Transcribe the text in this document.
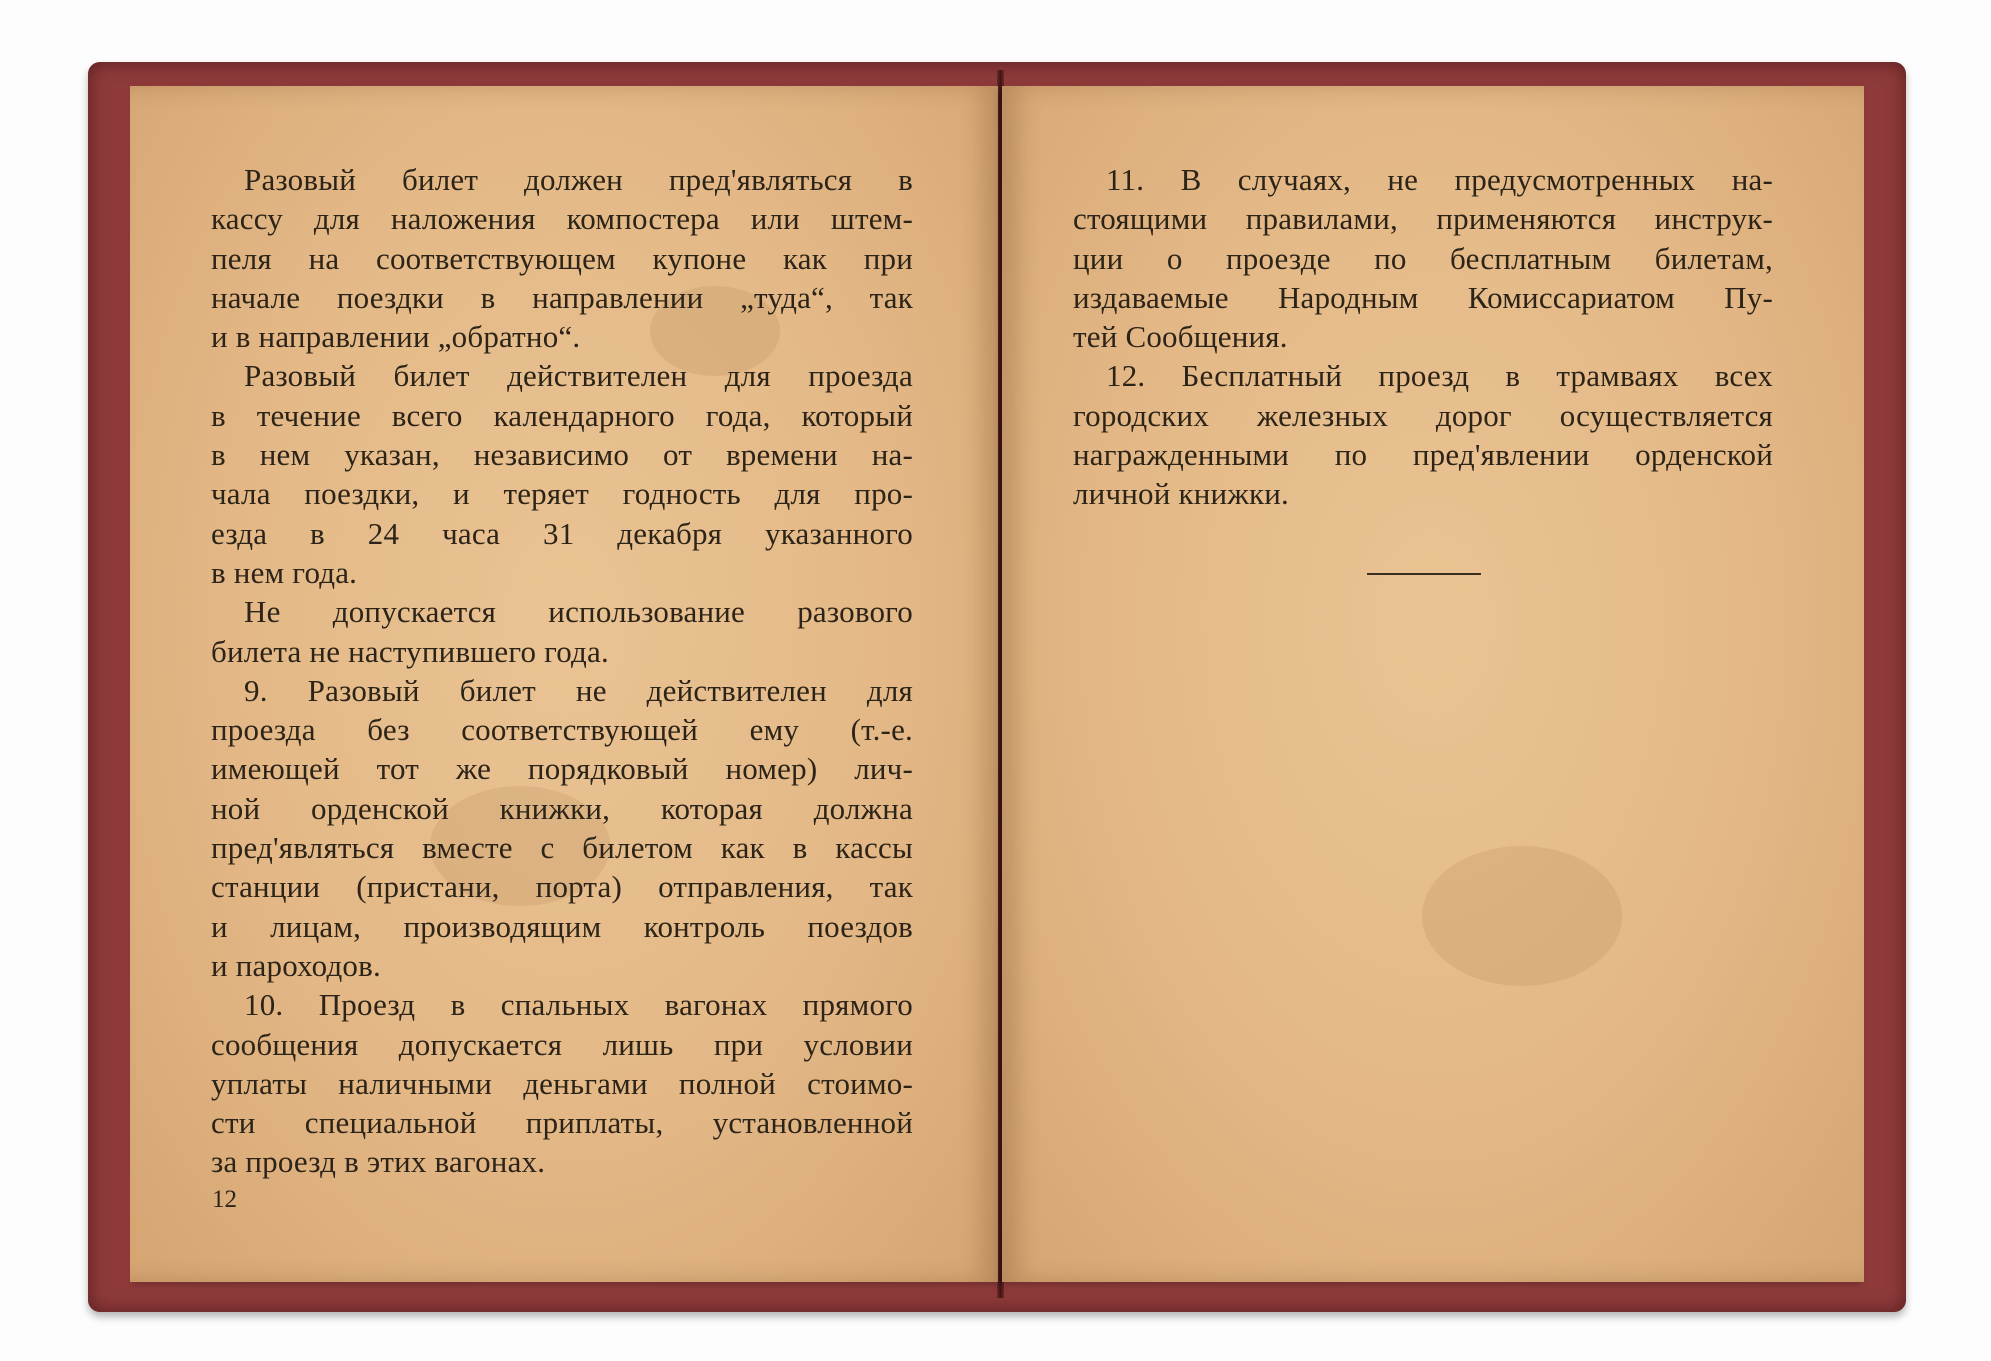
Разовый билет должен пред'являться в
кассу для наложения компостера или штем-
пеля на соответствующем купоне как при
начале поездки в направлении „туда“, так
и в направлении „обратно“.
Разовый билет действителен для проезда
в течение всего календарного года, который
в нем указан, независимо от времени на-
чала поездки, и теряет годность для про-
езда в 24 часа 31 декабря указанного
в нем года.
Не допускается использование разового
билета не наступившего года.
9. Разовый билет не действителен для
проезда без соответствующей ему (т.-е.
имеющей тот же порядковый номер) лич-
ной орденской книжки, которая должна
пред'являться вместе с билетом как в кассы
станции (пристани, порта) отправления, так
и лицам, производящим контроль поездов
и пароходов.
10. Проезд в спальных вагонах прямого
сообщения допускается лишь при условии
уплаты наличными деньгами полной стоимо-
сти специальной приплаты, установленной
за проезд в этих вагонах.
12
11. В случаях, не предусмотренных на-
стоящими правилами, применяются инструк-
ции о проезде по бесплатным билетам,
издаваемые Народным Комиссариатом Пу-
тей Сообщения.
12. Бесплатный проезд в трамваях всех
городских железных дорог осуществляется
награжденными по пред'явлении орденской
личной книжки.
